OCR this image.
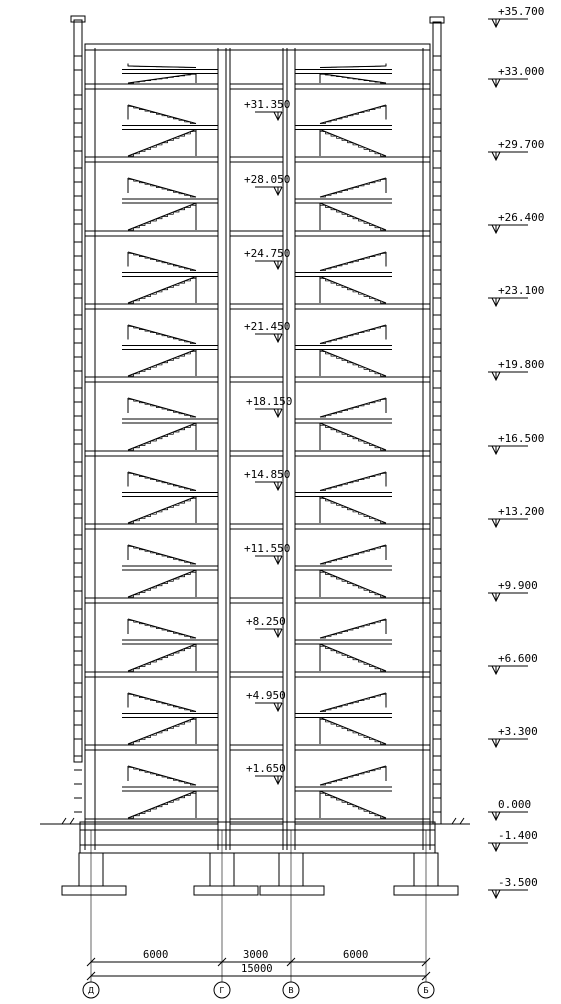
+31.350
+28.050
+24.750
+21.450
+18.150
+14.850
+11.550
+8.250
+4.950
+1.650
+35.700
+33.000
+29.700
+26.400
+23.100
+19.800
+16.500
+13.200
+9.900
+6.600
+3.300
0.000
-1.400
-3.500
6000	3000	6000
15000
Д	Г	В	Б
